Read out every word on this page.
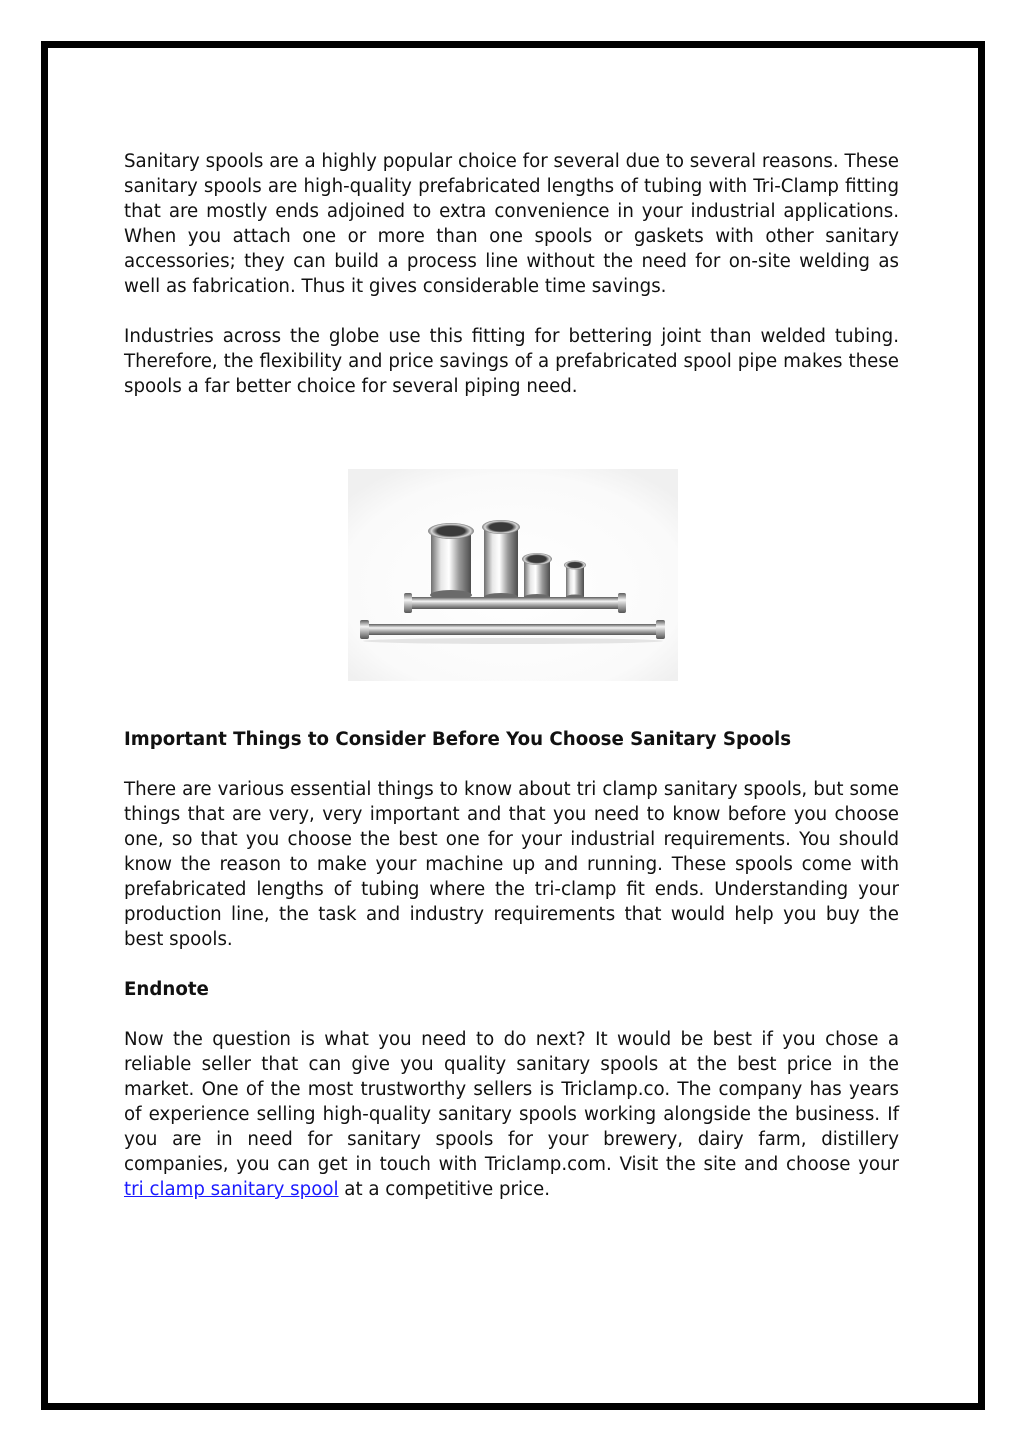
Sanitary spools are a highly popular choice for several due to several reasons. These sanitary spools are high-quality prefabricated lengths of tubing with Tri-Clamp fitting that are mostly ends adjoined to extra convenience in your industrial applications. When you attach one or more than one spools or gaskets with other sanitary accessories; they can build a process line without the need for on-site welding as well as fabrication. Thus it gives considerable time savings.

Industries across the globe use this fitting for bettering joint than welded tubing. Therefore, the flexibility and price savings of a prefabricated spool pipe makes these spools a far better choice for several piping need.

Important Things to Consider Before You Choose Sanitary Spools

There are various essential things to know about tri clamp sanitary spools, but some things that are very, very important and that you need to know before you choose one, so that you choose the best one for your industrial requirements. You should know the reason to make your machine up and running. These spools come with prefabricated lengths of tubing where the tri-clamp fit ends. Understanding your production line, the task and industry requirements that would help you buy the best spools.

Endnote

Now the question is what you need to do next? It would be best if you chose a reliable seller that can give you quality sanitary spools at the best price in the market. One of the most trustworthy sellers is Triclamp.co. The company has years of experience selling high-quality sanitary spools working alongside the business. If you are in need for sanitary spools for your brewery, dairy farm, distillery companies, you can get in touch with Triclamp.com. Visit the site and choose your tri clamp sanitary spool at a competitive price.
